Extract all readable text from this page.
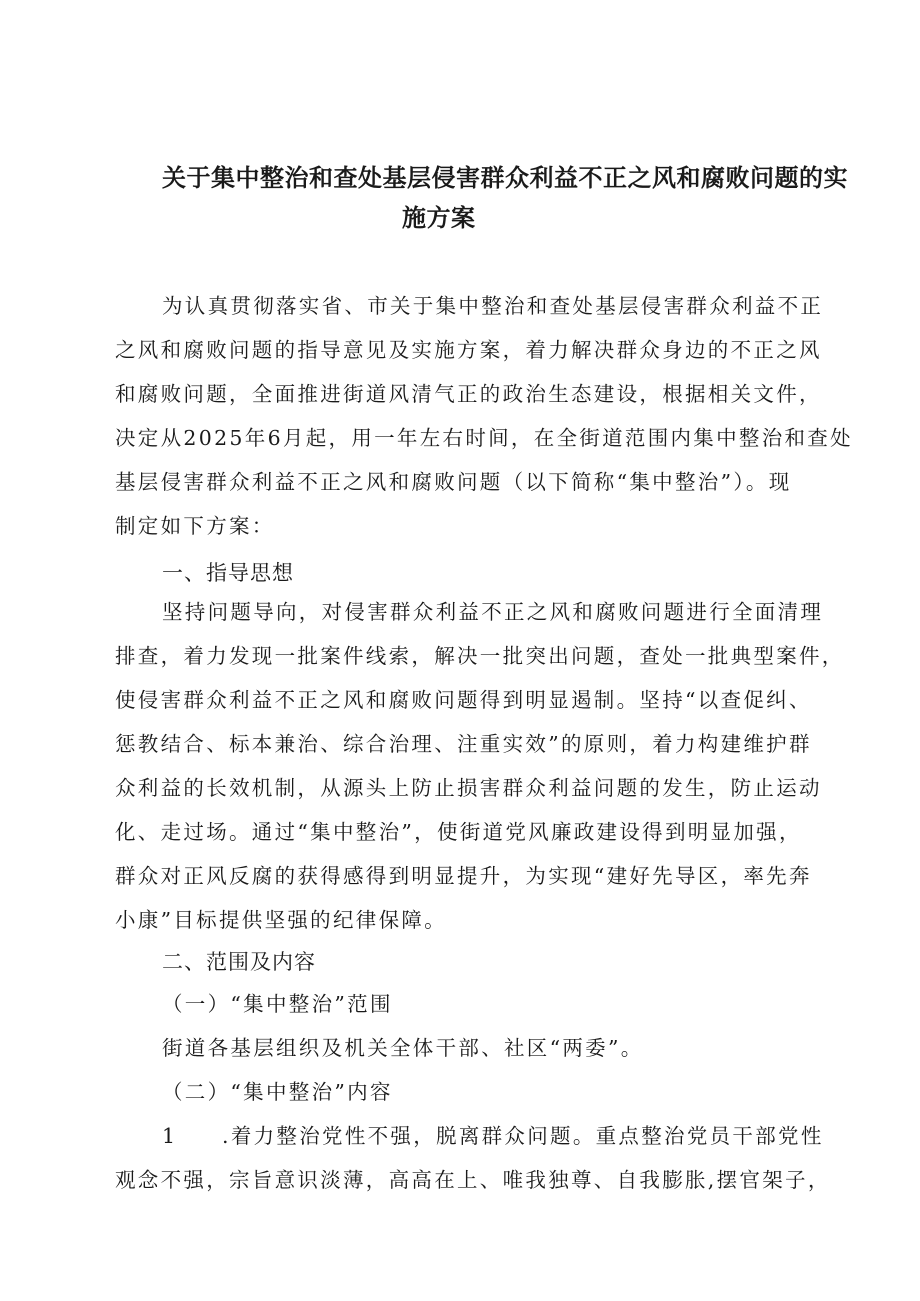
关于集中整治和查处基层侵害群众利益不正之风和腐败问题的实
施方案
为认真贯彻落实省、市关于集中整治和查处基层侵害群众利益不正
之风和腐败问题的指导意见及实施方案，着力解决群众身边的不正之风
和腐败问题，全面推进街道风清气正的政治生态建设，根据相关文件，
决定从2025年6月起，用一年左右时间，在全街道范围内集中整治和查处
基层侵害群众利益不正之风和腐败问题（以下简称“集中整治”）。现
制定如下方案：
一、指导思想
坚持问题导向，对侵害群众利益不正之风和腐败问题进行全面清理
排查，着力发现一批案件线索，解决一批突出问题，查处一批典型案件，
使侵害群众利益不正之风和腐败问题得到明显遏制。坚持“以查促纠、
惩教结合、标本兼治、综合治理、注重实效”的原则，着力构建维护群
众利益的长效机制，从源头上防止损害群众利益问题的发生，防止运动
化、走过场。通过“集中整治”，使街道党风廉政建设得到明显加强，
群众对正风反腐的获得感得到明显提升，为实现“建好先导区，率先奔
小康”目标提供坚强的纪律保障。
二、范围及内容
（一）“集中整治”范围
街道各基层组织及机关全体干部、社区“两委”。
（二）“集中整治”内容
1 .着力整治党性不强，脱离群众问题。重点整治党员干部党性
观念不强，宗旨意识淡薄，高高在上、唯我独尊、自我膨胀,摆官架子，
